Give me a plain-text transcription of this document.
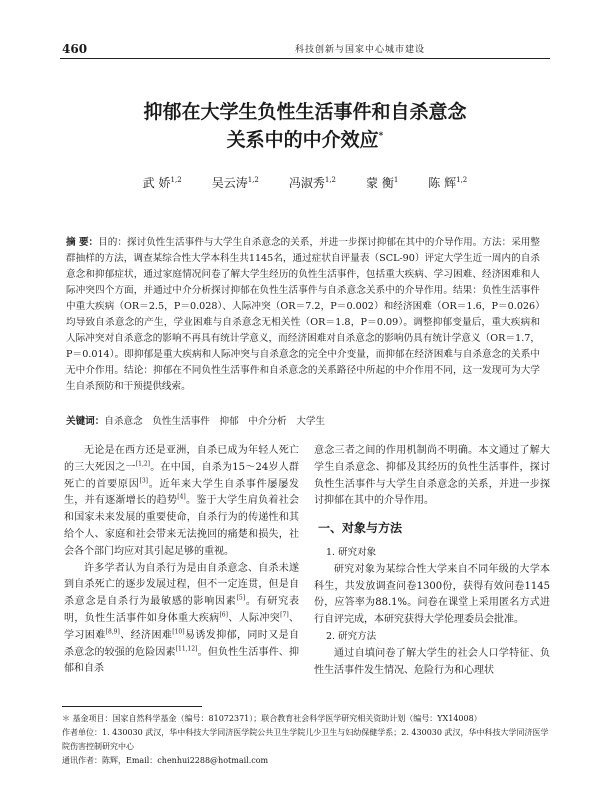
460	科技创新与国家中心城市建设
抑郁在大学生负性生活事件和自杀意念
关系中的中介效应*
武 娇$^{1,2}$	吴云涛$^{1,2}$	冯淑秀$^{1,2}$	蒙 衡$^1$	陈 辉$^{1,2}$
摘 要：目的：探讨负性生活事件与大学生自杀意念的关系，并进一步探讨抑郁在其中的介导作用。方法：采用整群抽样的方法，调查某综合性大学本科生共1145名，通过症状自评量表（SCL-90）评定大学生近一周内的自杀意念和抑郁症状，通过家庭情况问卷了解大学生经历的负性生活事件，包括重大疾病、学习困难、经济困难和人际冲突四个方面，并通过中介分析探讨抑郁在负性生活事件与自杀意念关系中的介导作用。结果：负性生活事件中重大疾病（OR＝2.5，P＝0.028）、人际冲突（OR＝7.2，P＝0.002）和经济困难（OR＝1.6，P＝0.026）均导致自杀意念的产生，学业困难与自杀意念无相关性（OR＝1.8，P＝0.09）。调整抑郁变量后，重大疾病和人际冲突对自杀意念的影响不再具有统计学意义，而经济困难对自杀意念的影响仍具有统计学意义（OR＝1.7，P＝0.014）。即抑郁是重大疾病和人际冲突与自杀意念的完全中介变量，而抑郁在经济困难与自杀意念的关系中无中介作用。结论：抑郁在不同负性生活事件和自杀意念的关系路径中所起的中介作用不同，这一发现可为大学生自杀预防和干预提供线索。
关键词：自杀意念　负性生活事件　抑郁　中介分析　大学生

无论是在西方还是亚洲，自杀已成为年轻人死亡的三大死因之一[1,2]。在中国，自杀为15～24岁人群死亡的首要原因[3]。近年来大学生自杀事件屡屡发生，并有逐渐增长的趋势[4]。鉴于大学生肩负着社会和国家未来发展的重要使命，自杀行为的传递性和其给个人、家庭和社会带来无法挽回的痛楚和损失，社会各个部门均应对其引起足够的重视。

许多学者认为自杀行为是由自杀意念、自杀未遂到自杀死亡的逐步发展过程，但不一定连贯，但是自杀意念是自杀行为最敏感的影响因素[5]。有研究表明，负性生活事件如身体重大疾病[6]、人际冲突[7]、学习困难[8,9]、经济困难[10]易诱发抑郁，同时又是自杀意念的较强的危险因素[11,12]。但负性生活事件、抑郁和自杀

意念三者之间的作用机制尚不明确。本文通过了解大学生自杀意念、抑郁及其经历的负性生活事件，探讨负性生活事件与大学生自杀意念的关系，并进一步探讨抑郁在其中的介导作用。

一、对象与方法

1. 研究对象

研究对象为某综合性大学来自不同年级的大学本科生，共发放调查问卷1300份，获得有效问卷1145份，应答率为88.1%。问卷在课堂上采用匿名方式进行自评完成，本研究获得大学伦理委员会批准。

2. 研究方法

通过自填问卷了解大学生的社会人口学特征、负性生活事件发生情况、危险行为和心理状

＊ 基金项目：国家自然科学基金（编号：81072371）；联合教育社会科学医学研究相关资助计划（编号：YX14008）
作者单位：1. 430030 武汉，华中科技大学同济医学院公共卫生学院儿少卫生与妇幼保健学系；2. 430030 武汉，华中科技大学同济医学院伤害控制研究中心
通讯作者：陈辉，Email：chenhui2288@hotmail.com
